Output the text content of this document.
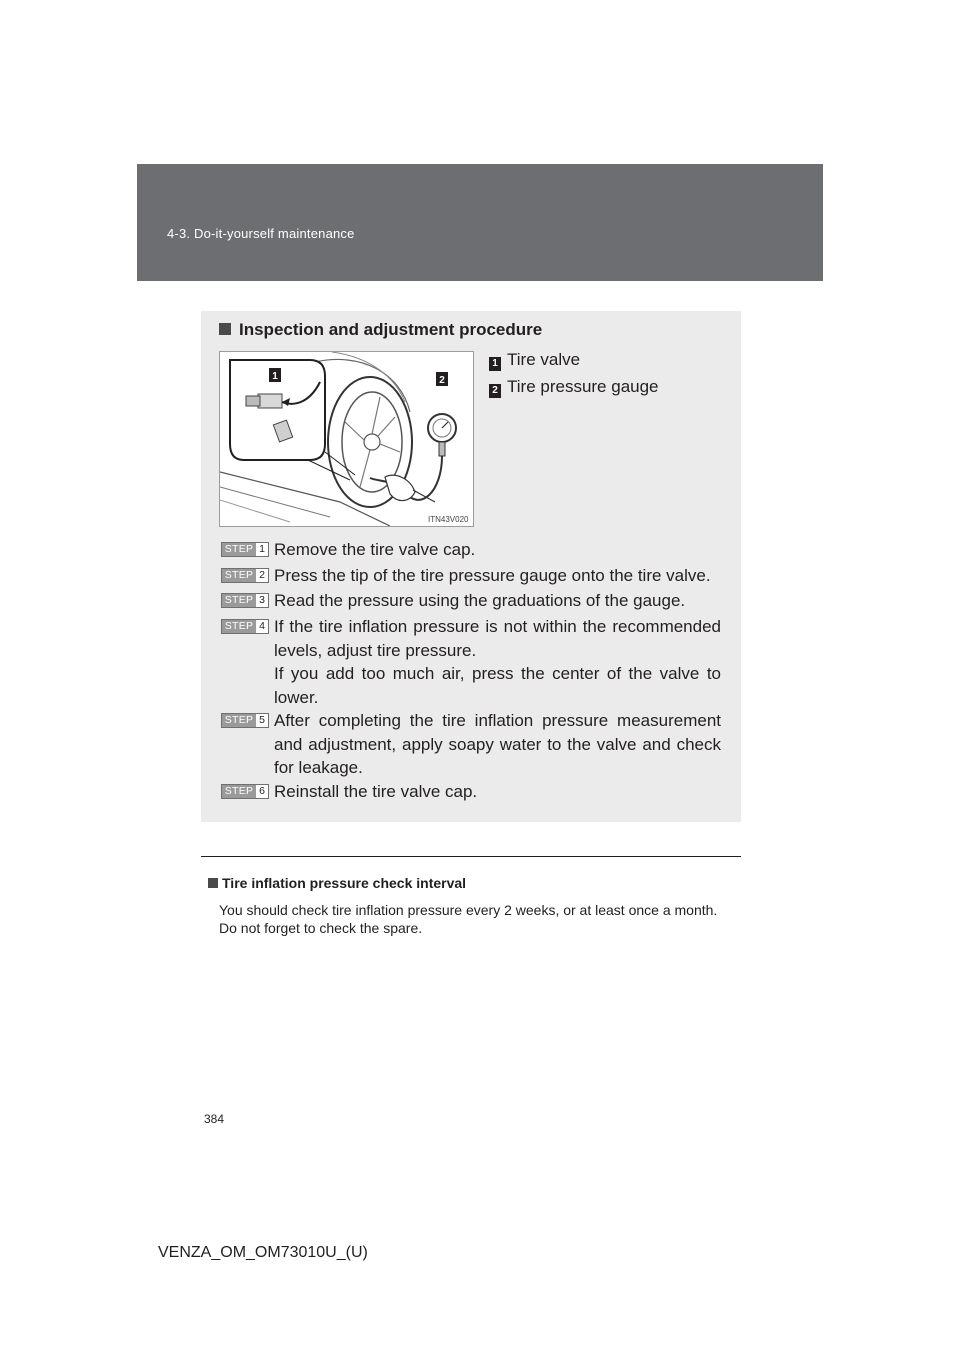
4-3. Do-it-yourself maintenance
Inspection and adjustment procedure
1	2
ITN43V020
1 Tire valve
2 Tire pressure gauge
STEP 1 Remove the tire valve cap.
STEP 2 Press the tip of the tire pressure gauge onto the tire valve.
STEP 3 Read the pressure using the graduations of the gauge.
STEP 4 If the tire inflation pressure is not within the recommended levels, adjust tire pressure.
If you add too much air, press the center of the valve to lower.
STEP 5 After completing the tire inflation pressure measurement and adjustment, apply soapy water to the valve and check for leakage.
STEP 6 Reinstall the tire valve cap.
Tire inflation pressure check interval
You should check tire inflation pressure every 2 weeks, or at least once a month.
Do not forget to check the spare.
384
VENZA_OM_OM73010U_(U)
